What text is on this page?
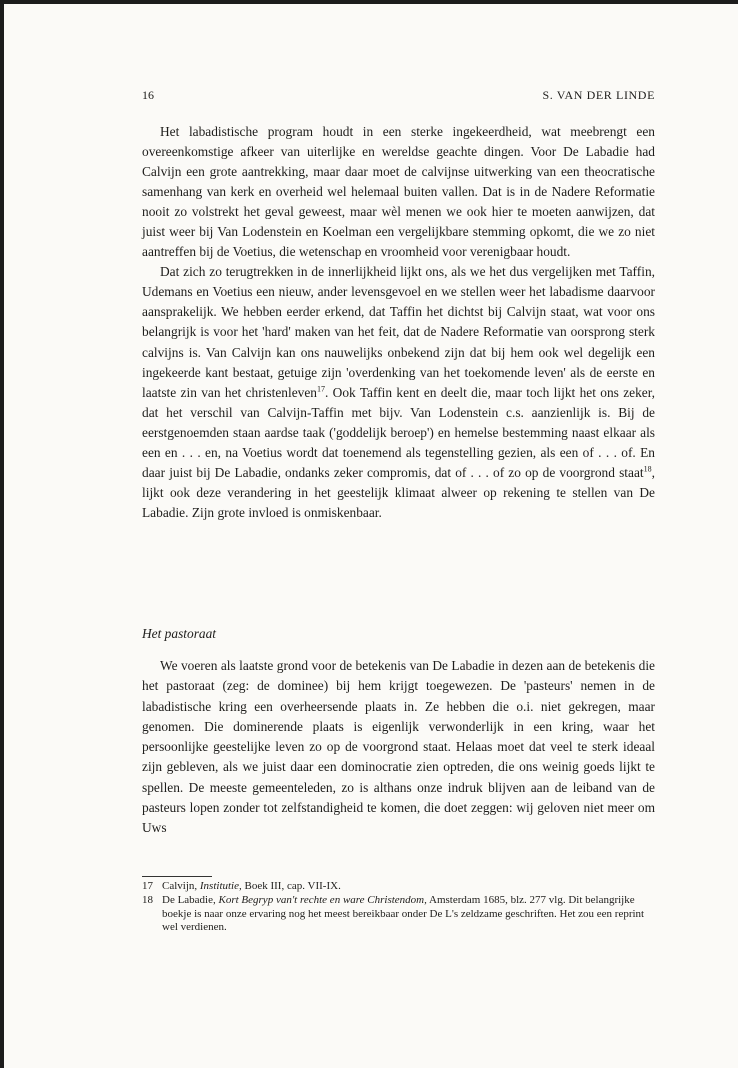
16	S. VAN DER LINDE

Het labadistische program houdt in een sterke ingekeerdheid, wat meebrengt een overeenkomstige afkeer van uiterlijke en wereldse geachte dingen. Voor De Labadie had Calvijn een grote aantrekking, maar daar moet de calvijnse uitwerking van een theocratische samenhang van kerk en overheid wel helemaal buiten vallen. Dat is in de Nadere Reformatie nooit zo volstrekt het geval geweest, maar wèl menen we ook hier te moeten aanwijzen, dat juist weer bij Van Lodenstein en Koelman een vergelijkbare stemming opkomt, die we zo niet aantreffen bij de Voetius, die wetenschap en vroomheid voor verenigbaar houdt.

Dat zich zo terugtrekken in de innerlijkheid lijkt ons, als we het dus vergelijken met Taffin, Udemans en Voetius een nieuw, ander levensgevoel en we stellen weer het labadisme daarvoor aansprakelijk. We hebben eerder erkend, dat Taffin het dichtst bij Calvijn staat, wat voor ons belangrijk is voor het 'hard' maken van het feit, dat de Nadere Reformatie van oorsprong sterk calvijns is. Van Calvijn kan ons nauwelijks onbekend zijn dat bij hem ook wel degelijk een ingekeerde kant bestaat, getuige zijn 'overdenking van het toekomende leven' als de eerste en laatste zin van het christenleven$^{17}$. Ook Taffin kent en deelt die, maar toch lijkt het ons zeker, dat het verschil van Calvijn-Taffin met bijv. Van Lodenstein c.s. aanzienlijk is. Bij de eerstgenoemden staan aardse taak ('goddelijk beroep') en hemelse bestemming naast elkaar als een en . . . en, na Voetius wordt dat toenemend als tegenstelling gezien, als een of . . . of. En daar juist bij De Labadie, ondanks zeker compromis, dat of . . . of zo op de voorgrond staat$^{18}$, lijkt ook deze verandering in het geestelijk klimaat alweer op rekening te stellen van De Labadie. Zijn grote invloed is onmiskenbaar.

Het pastoraat

We voeren als laatste grond voor de betekenis van De Labadie in dezen aan de betekenis die het pastoraat (zeg: de dominee) bij hem krijgt toegewezen. De 'pasteurs' nemen in de labadistische kring een overheersende plaats in. Ze hebben die o.i. niet gekregen, maar genomen. Die dominerende plaats is eigenlijk verwonderlijk in een kring, waar het persoonlijke geestelijke leven zo op de voorgrond staat. Helaas moet dat veel te sterk ideaal zijn gebleven, als we juist daar een dominocratie zien optreden, die ons weinig goeds lijkt te spellen. De meeste gemeenteleden, zo is althans onze indruk blijven aan de leiband van de pasteurs lopen zonder tot zelfstandigheid te komen, die doet zeggen: wij geloven niet meer om Uws

17 Calvijn, Institutie, Boek III, cap. VII-IX.
18 De Labadie, Kort Begryp van't rechte en ware Christendom, Amsterdam 1685, blz. 277 vlg. Dit belangrijke boekje is naar onze ervaring nog het meest bereikbaar onder De L's zeldzame geschriften. Het zou een reprint wel verdienen.
